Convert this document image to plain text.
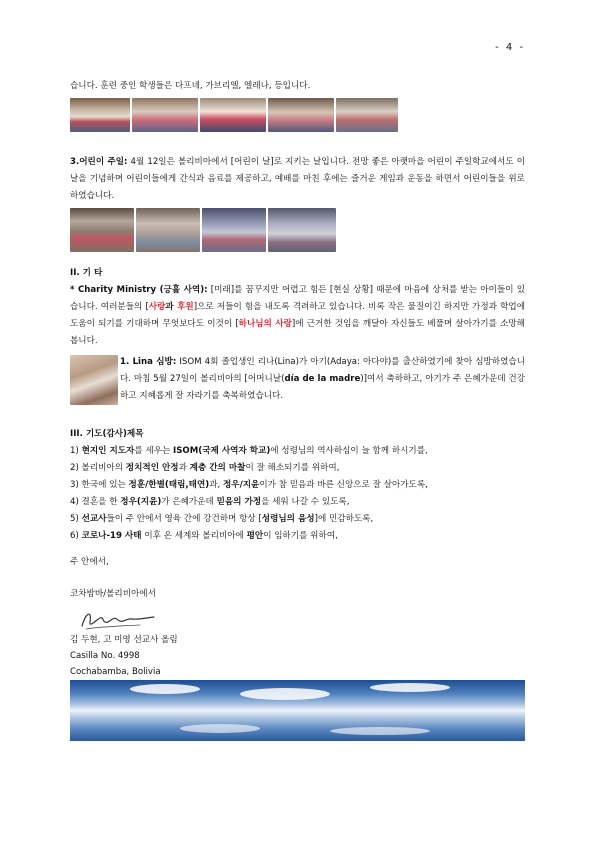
- 4 -
습니다. 훈련 중인 학생들은 다프네, 가브리엘, 엘레나, 등입니다.
3.어린이 주일: 4월 12일은 볼리비아에서 [어린이 날]로 지키는 날입니다. 전망 좋은 아랫마을 어린이 주일학교에서도 이 날을 기념하며 어린이들에게 간식과 음료를 제공하고, 예배를 마친 후에는 즐거운 게임과 운동을 하면서 어린이들을 위로하였습니다.
II. 기 타
* Charity Ministry (긍휼 사역): [미래]를 꿈꾸지만 어렵고 힘든 [현실 상황] 때문에 마음에 상처를 받는 아이들이 있습니다. 여러분들의 [사랑과 후원]으로 저들이 힘을 내도록 격려하고 있습니다. 비록 작은 물질이긴 하지만 가정과 학업에 도움이 되기를 기대하며 무엇보다도 이것이 [하나님의 사랑]에 근거한 것임을 깨달아 자신들도 베풀며 살아가기를 소망해 봅니다.
1. Lina 심방: ISOM 4회 졸업생인 리나(Lina)가 아기(Adaya: 아다야)를 출산하였기에 찾아 심방하였습니다. 마침 5월 27일이 볼리비아의 [어머니날(día de la madre)]여서 축하하고, 아기가 주 은혜가운데 건강하고 지혜롭게 잘 자라기를 축복하였습니다.
III. 기도(감사)제목
1) 현지인 지도자를 세우는 ISOM(국제 사역자 학교)에 성령님의 역사하심이 늘 함께 하시기를,
2) 볼리비아의 정치적인 안정과 계층 간의 마찰이 잘 해소되기를 위하여,
3) 한국에 있는 정훈/한별(태림,태연)과, 정우/지윤이가 참 믿음과 바른 신앙으로 잘 살아가도록,
4) 결혼을 한 정우(지윤)가 은혜가운데 믿음의 가정을 세워 나갈 수 있도록,
5) 선교사들이 주 안에서 영육 간에 강건하며 항상 [성령님의 음성]에 민감하도록,
6) 코로나-19 사태 이후 온 세계와 볼리비아에 평안이 임하기를 위하여,
주 안에서,
코차밤바/볼리비아에서
김 두현, 고 미영 선교사 올림
Casilla No. 4998
Cochabamba, Bolivia
